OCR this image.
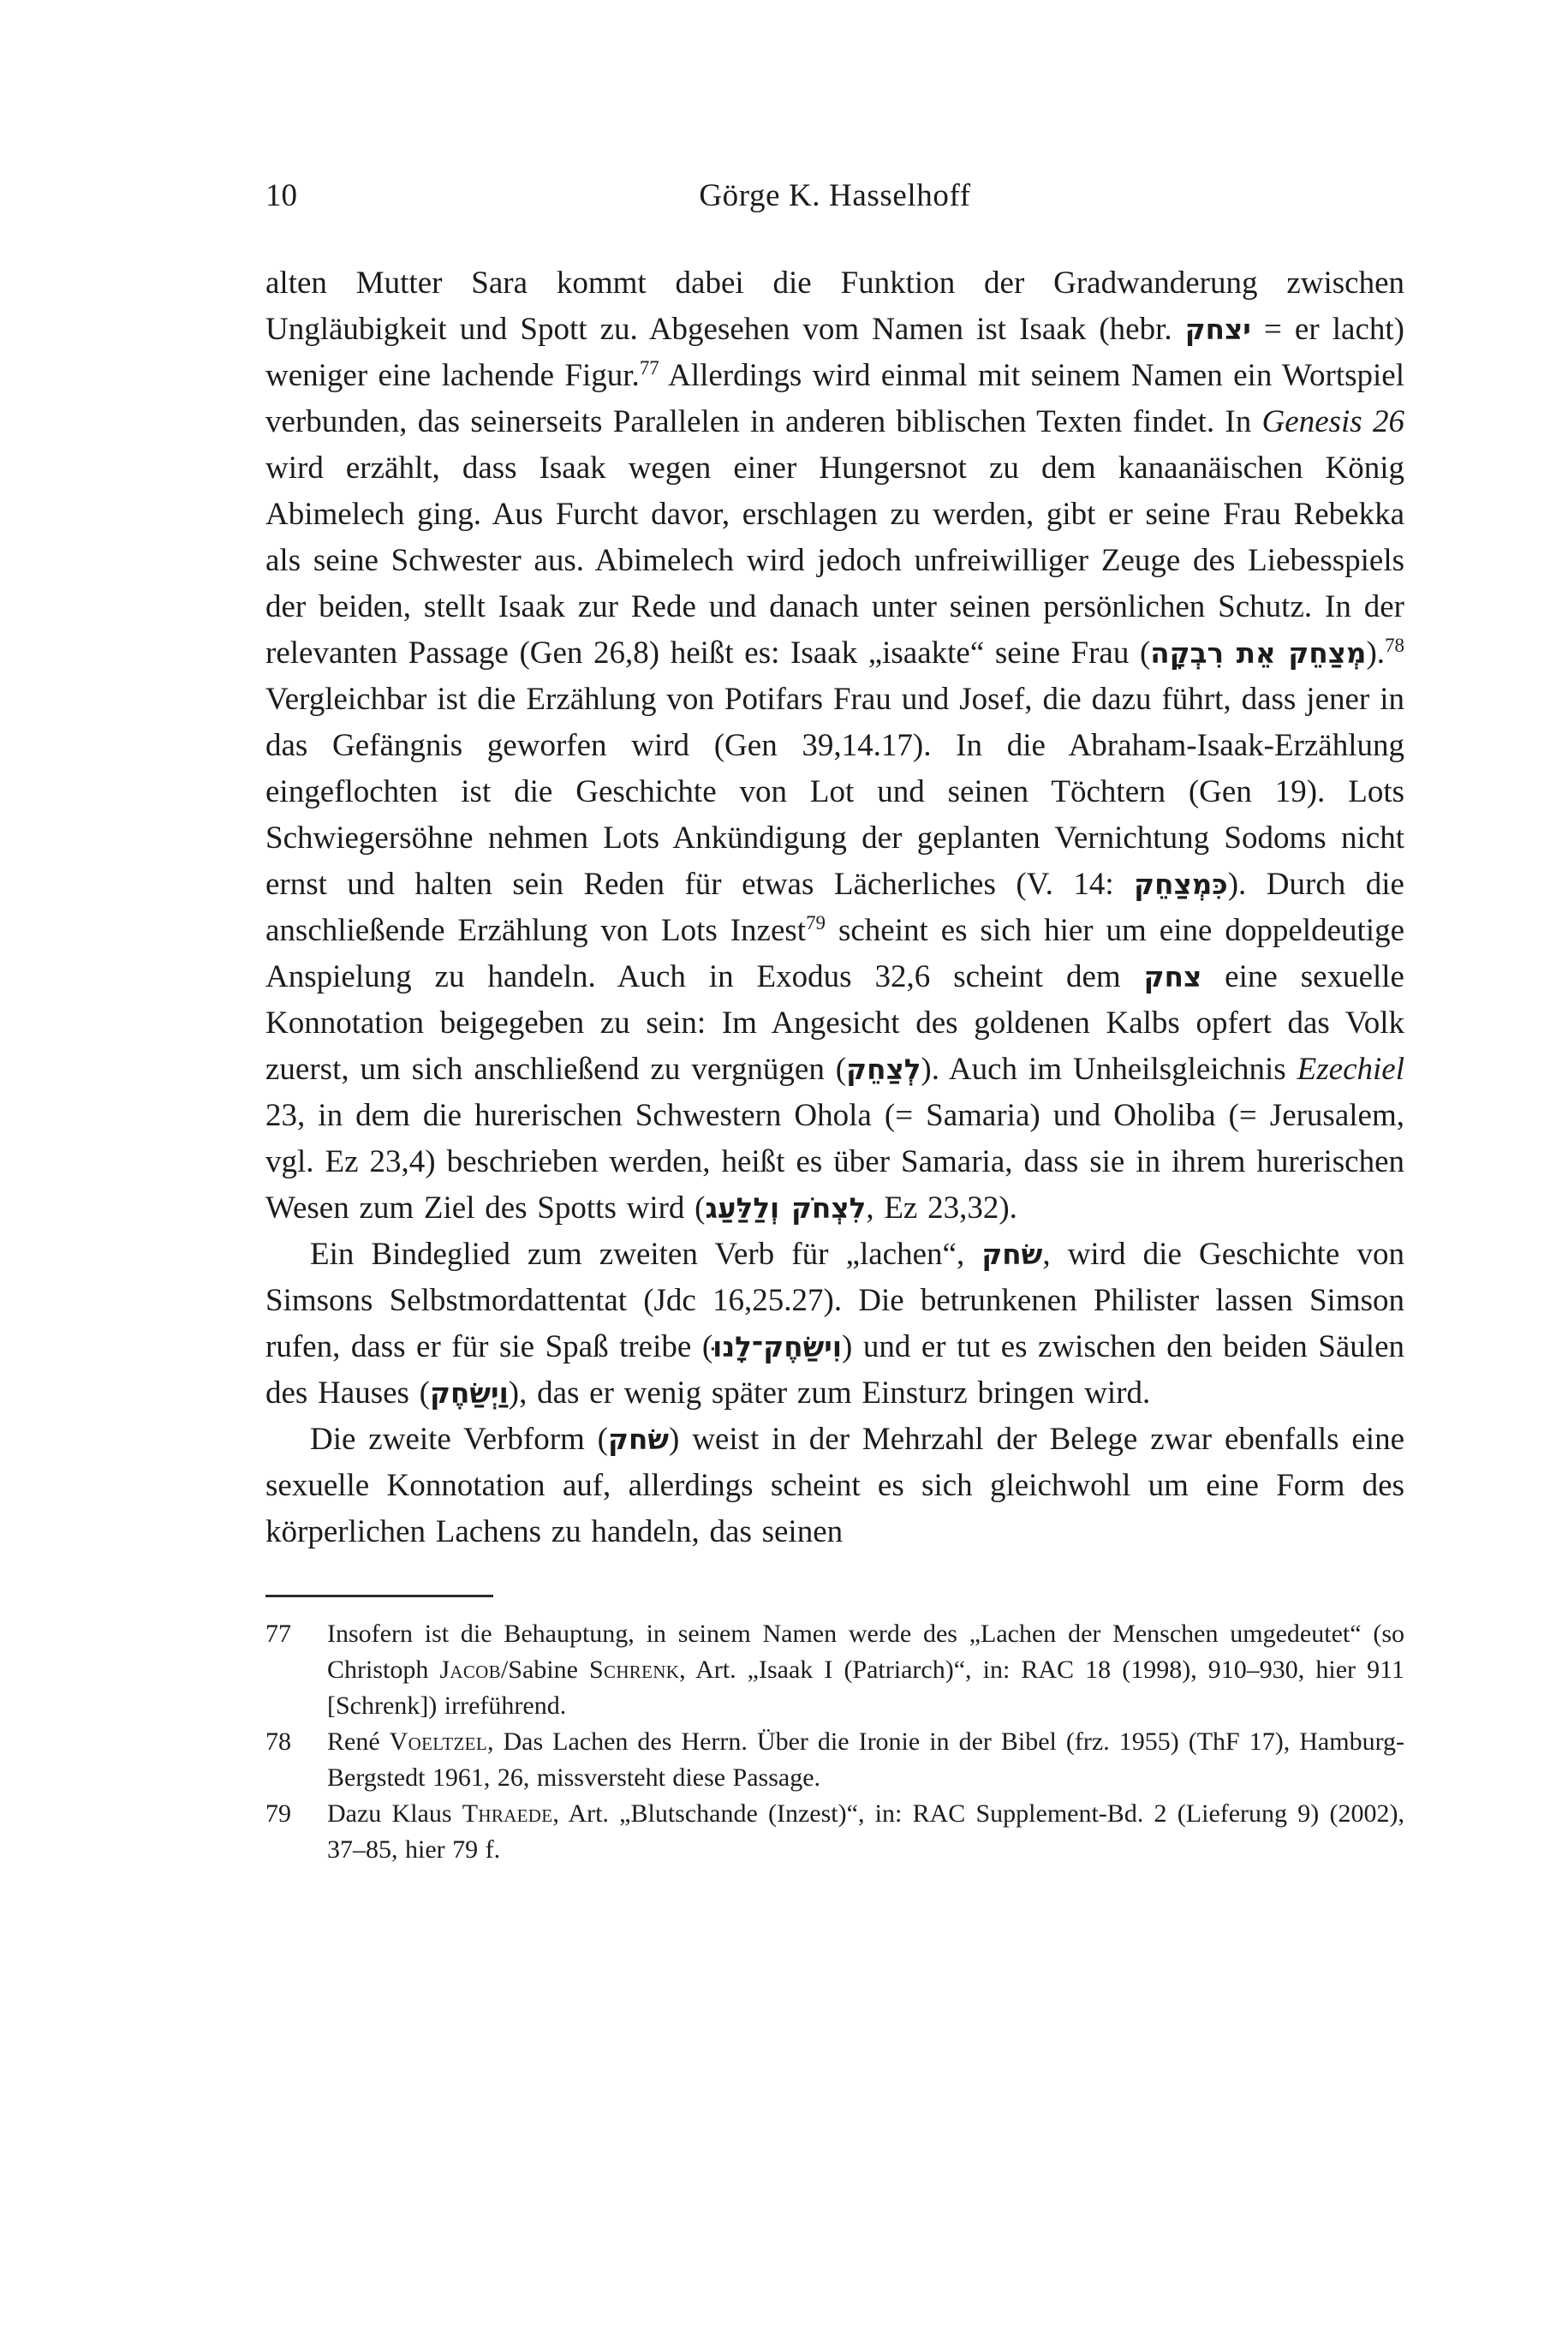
10	Görge K. Hasselhoff

alten Mutter Sara kommt dabei die Funktion der Gradwanderung zwischen Ungläubigkeit und Spott zu. Abgesehen vom Namen ist Isaak (hebr. יצחק = er lacht) weniger eine lachende Figur.$^{77}$ Allerdings wird einmal mit seinem Namen ein Wortspiel verbunden, das seinerseits Parallelen in anderen biblischen Texten findet. In Genesis 26 wird erzählt, dass Isaak wegen einer Hungersnot zu dem kanaanäischen König Abimelech ging. Aus Furcht davor, erschlagen zu werden, gibt er seine Frau Rebekka als seine Schwester aus. Abimelech wird jedoch unfreiwilliger Zeuge des Liebesspiels der beiden, stellt Isaak zur Rede und danach unter seinen persönlichen Schutz. In der relevanten Passage (Gen 26,8) heißt es: Isaak „isaakte“ seine Frau (מְצַחֵק אֵת רִבְקָה).$^{78}$ Vergleichbar ist die Erzählung von Potifars Frau und Josef, die dazu führt, dass jener in das Gefängnis geworfen wird (Gen 39,14.17). In die Abraham-Isaak-Erzählung eingeflochten ist die Geschichte von Lot und seinen Töchtern (Gen 19). Lots Schwiegersöhne nehmen Lots Ankündigung der geplanten Vernichtung Sodoms nicht ernst und halten sein Reden für etwas Lächerliches (V. 14: כִּמְצַחֵק). Durch die anschließende Erzählung von Lots Inzest$^{79}$ scheint es sich hier um eine doppeldeutige Anspielung zu handeln. Auch in Exodus 32,6 scheint dem צחק eine sexuelle Konnotation beigegeben zu sein: Im Angesicht des goldenen Kalbs opfert das Volk zuerst, um sich anschließend zu vergnügen (לְצַחֵק). Auch im Unheilsgleichnis Ezechiel 23, in dem die hurerischen Schwestern Ohola (= Samaria) und Oholiba (= Jerusalem, vgl. Ez 23,4) beschrieben werden, heißt es über Samaria, dass sie in ihrem hurerischen Wesen zum Ziel des Spotts wird (לִצְחֹק וְלַלַּעַג, Ez 23,32).

Ein Bindeglied zum zweiten Verb für „lachen“, שׂחק, wird die Geschichte von Simsons Selbstmordattentat (Jdc 16,25.27). Die betrunkenen Philister lassen Simson rufen, dass er für sie Spaß treibe (וִישַׂחֶק־לָנוּ) und er tut es zwischen den beiden Säulen des Hauses (וַיְשַׂחֶק), das er wenig später zum Einsturz bringen wird.

Die zweite Verbform (שׂחק) weist in der Mehrzahl der Belege zwar ebenfalls eine sexuelle Konnotation auf, allerdings scheint es sich gleichwohl um eine Form des körperlichen Lachens zu handeln, das seinen

77	Insofern ist die Behauptung, in seinem Namen werde des „Lachen der Menschen umgedeutet“ (so Christoph Jacob/Sabine Schrenk, Art. „Isaak I (Patriarch)“, in: RAC 18 (1998), 910–930, hier 911 [Schrenk]) irreführend.
78	René Voeltzel, Das Lachen des Herrn. Über die Ironie in der Bibel (frz. 1955) (ThF 17), Hamburg-Bergstedt 1961, 26, missversteht diese Passage.
79	Dazu Klaus Thraede, Art. „Blutschande (Inzest)“, in: RAC Supplement-Bd. 2 (Lieferung 9) (2002), 37–85, hier 79 f.
